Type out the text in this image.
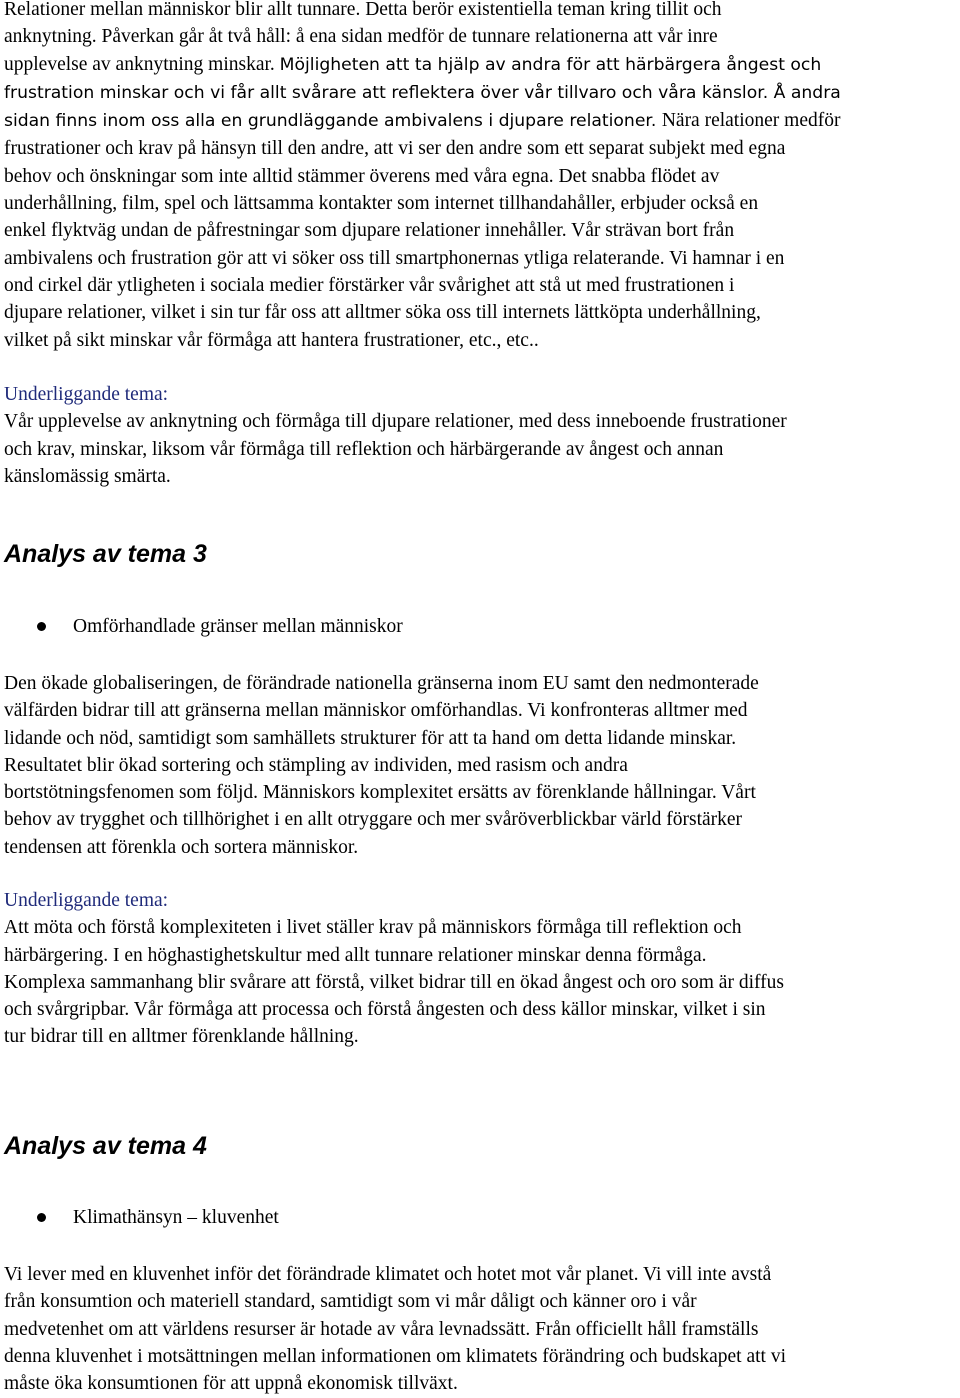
Relationer mellan människor blir allt tunnare. Detta berör existentiella teman kring tillit och

anknytning. Påverkan går åt två håll: å ena sidan medför de tunnare relationerna att vår inre

upplevelse av anknytning minskar. Möjligheten att ta hjälp av andra för att härbärgera ångest och

frustration minskar och vi får allt svårare att reflektera över vår tillvaro och våra känslor. Å andra

sidan finns inom oss alla en grundläggande ambivalens i djupare relationer. Nära relationer medför

frustrationer och krav på hänsyn till den andre, att vi ser den andre som ett separat subjekt med egna

behov och önskningar som inte alltid stämmer överens med våra egna. Det snabba flödet av

underhållning, film, spel och lättsamma kontakter som internet tillhandahåller, erbjuder också en

enkel flyktväg undan de påfrestningar som djupare relationer innehåller. Vår strävan bort från

ambivalens och frustration gör att vi söker oss till smartphonernas ytliga relaterande. Vi hamnar i en

ond cirkel där ytligheten i sociala medier förstärker vår svårighet att stå ut med frustrationen i

djupare relationer, vilket i sin tur får oss att alltmer söka oss till internets lättköpta underhållning,

vilket på sikt minskar vår förmåga att hantera frustrationer, etc., etc..

Underliggande tema:

Vår upplevelse av anknytning och förmåga till djupare relationer, med dess inneboende frustrationer

och krav, minskar, liksom vår förmåga till reflektion och härbärgerande av ångest och annan

känslomässig smärta.

Analys av tema 3
Omförhandlade gränser mellan människor

Den ökade globaliseringen, de förändrade nationella gränserna inom EU samt den nedmonterade

välfärden bidrar till att gränserna mellan människor omförhandlas. Vi konfronteras alltmer med

lidande och nöd, samtidigt som samhällets strukturer för att ta hand om detta lidande minskar.

Resultatet blir ökad sortering och stämpling av individen, med rasism och andra

bortstötningsfenomen som följd. Människors komplexitet ersätts av förenklande hållningar. Vårt

behov av trygghet och tillhörighet i en allt otryggare och mer svåröverblickbar värld förstärker

tendensen att förenkla och sortera människor.

Underliggande tema:

Att möta och förstå komplexiteten i livet ställer krav på människors förmåga till reflektion och

härbärgering. I en höghastighetskultur med allt tunnare relationer minskar denna förmåga.

Komplexa sammanhang blir svårare att förstå, vilket bidrar till en ökad ångest och oro som är diffus

och svårgripbar. Vår förmåga att processa och förstå ångesten och dess källor minskar, vilket i sin

tur bidrar till en alltmer förenklande hållning.

Analys av tema 4
Klimathänsyn – kluvenhet

Vi lever med en kluvenhet inför det förändrade klimatet och hotet mot vår planet. Vi vill inte avstå

från konsumtion och materiell standard, samtidigt som vi mår dåligt och känner oro i vår

medvetenhet om att världens resurser är hotade av våra levnadssätt. Från officiellt håll framställs

denna kluvenhet i motsättningen mellan informationen om klimatets förändring och budskapet att vi

måste öka konsumtionen för att uppnå ekonomisk tillväxt.
